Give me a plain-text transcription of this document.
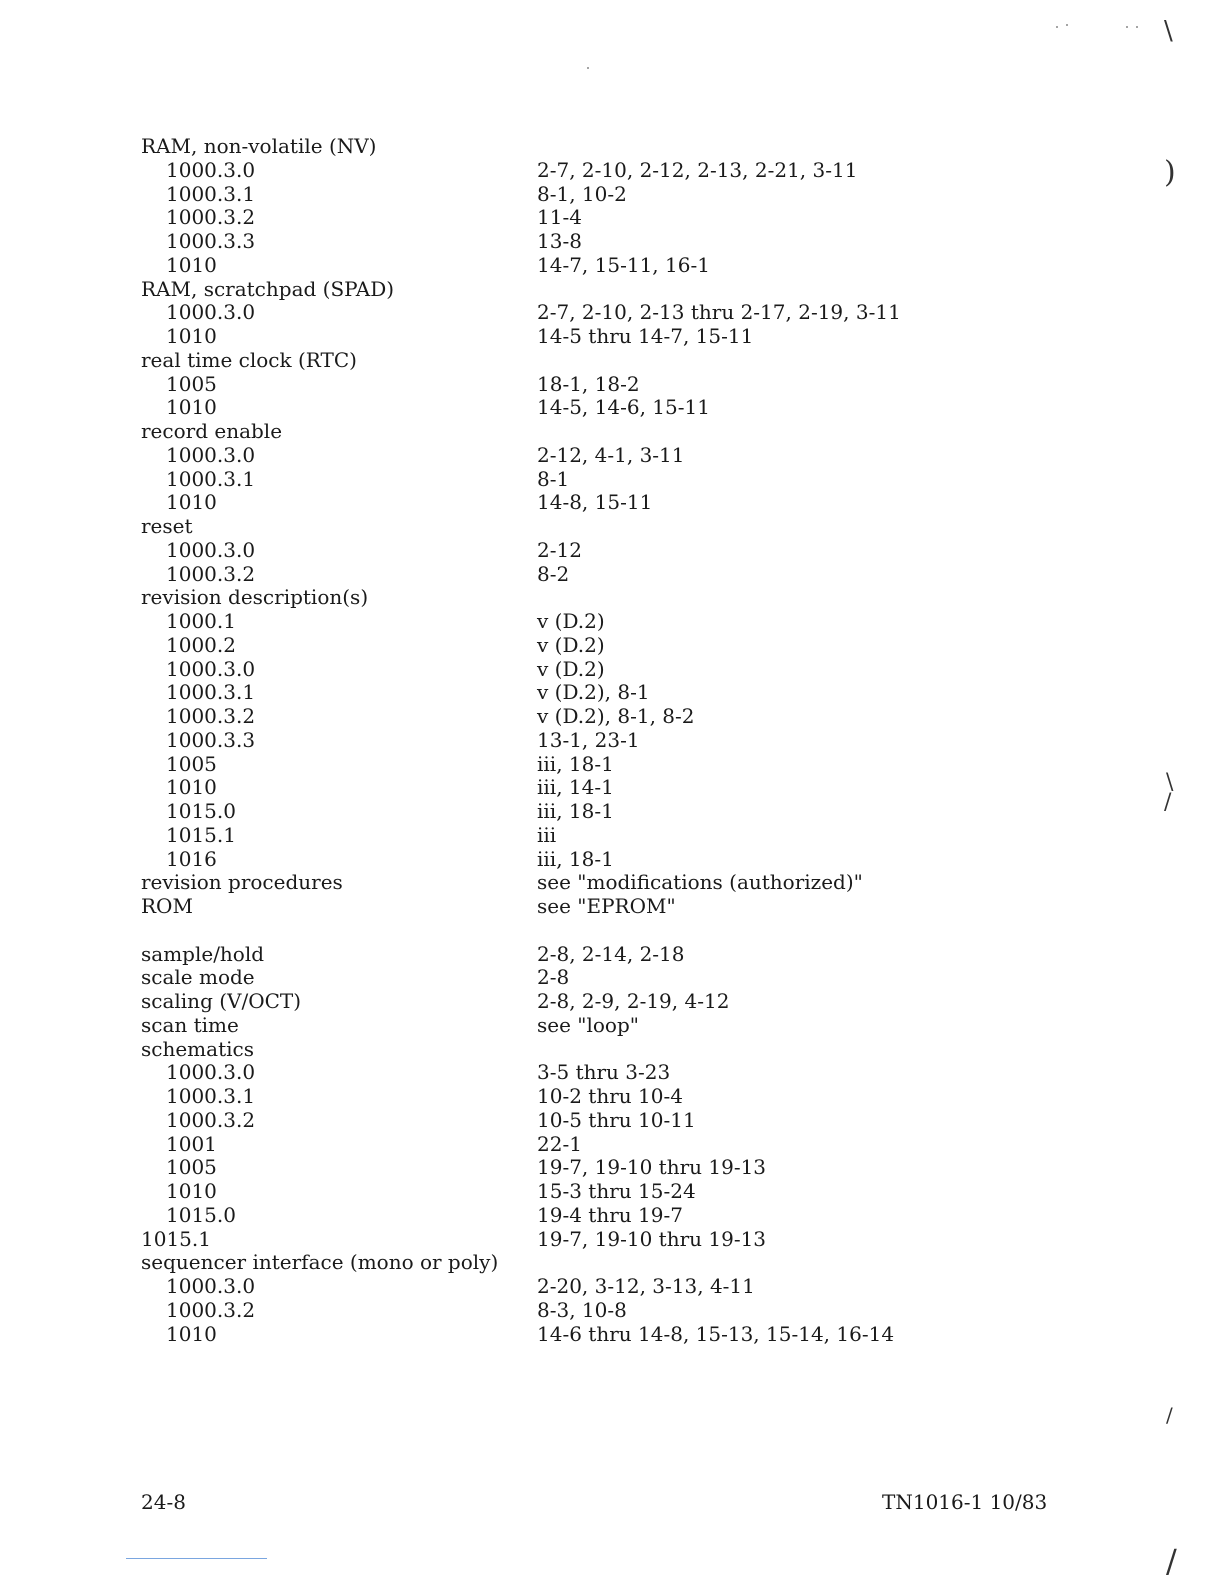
RAM, non-volatile (NV)
1000.3.0	2-7, 2-10, 2-12, 2-13, 2-21, 3-11
1000.3.1	8-1, 10-2
1000.3.2	11-4
1000.3.3	13-8
1010	14-7, 15-11, 16-1
RAM, scratchpad (SPAD)
1000.3.0	2-7, 2-10, 2-13 thru 2-17, 2-19, 3-11
1010	14-5 thru 14-7, 15-11
real time clock (RTC)
1005	18-1, 18-2
1010	14-5, 14-6, 15-11
record enable
1000.3.0	2-12, 4-1, 3-11
1000.3.1	8-1
1010	14-8, 15-11
reset
1000.3.0	2-12
1000.3.2	8-2
revision description(s)
1000.1	v (D.2)
1000.2	v (D.2)
1000.3.0	v (D.2)
1000.3.1	v (D.2), 8-1
1000.3.2	v (D.2), 8-1, 8-2
1000.3.3	13-1, 23-1
1005	iii, 18-1
1010	iii, 14-1
1015.0	iii, 18-1
1015.1	iii
1016	iii, 18-1
revision procedures	see "modifications (authorized)"
ROM	see "EPROM"
sample/hold	2-8, 2-14, 2-18
scale mode	2-8
scaling (V/OCT)	2-8, 2-9, 2-19, 4-12
scan time	see "loop"
schematics
1000.3.0	3-5 thru 3-23
1000.3.1	10-2 thru 10-4
1000.3.2	10-5 thru 10-11
1001	22-1
1005	19-7, 19-10 thru 19-13
1010	15-3 thru 15-24
1015.0	19-4 thru 19-7
1015.1	19-7, 19-10 thru 19-13
sequencer interface (mono or poly)
1000.3.0	2-20, 3-12, 3-13, 4-11
1000.3.2	8-3, 10-8
1010	14-6 thru 14-8, 15-13, 15-14, 16-14
24-8	TN1016-1 10/83
\
)
\
/
/
/
